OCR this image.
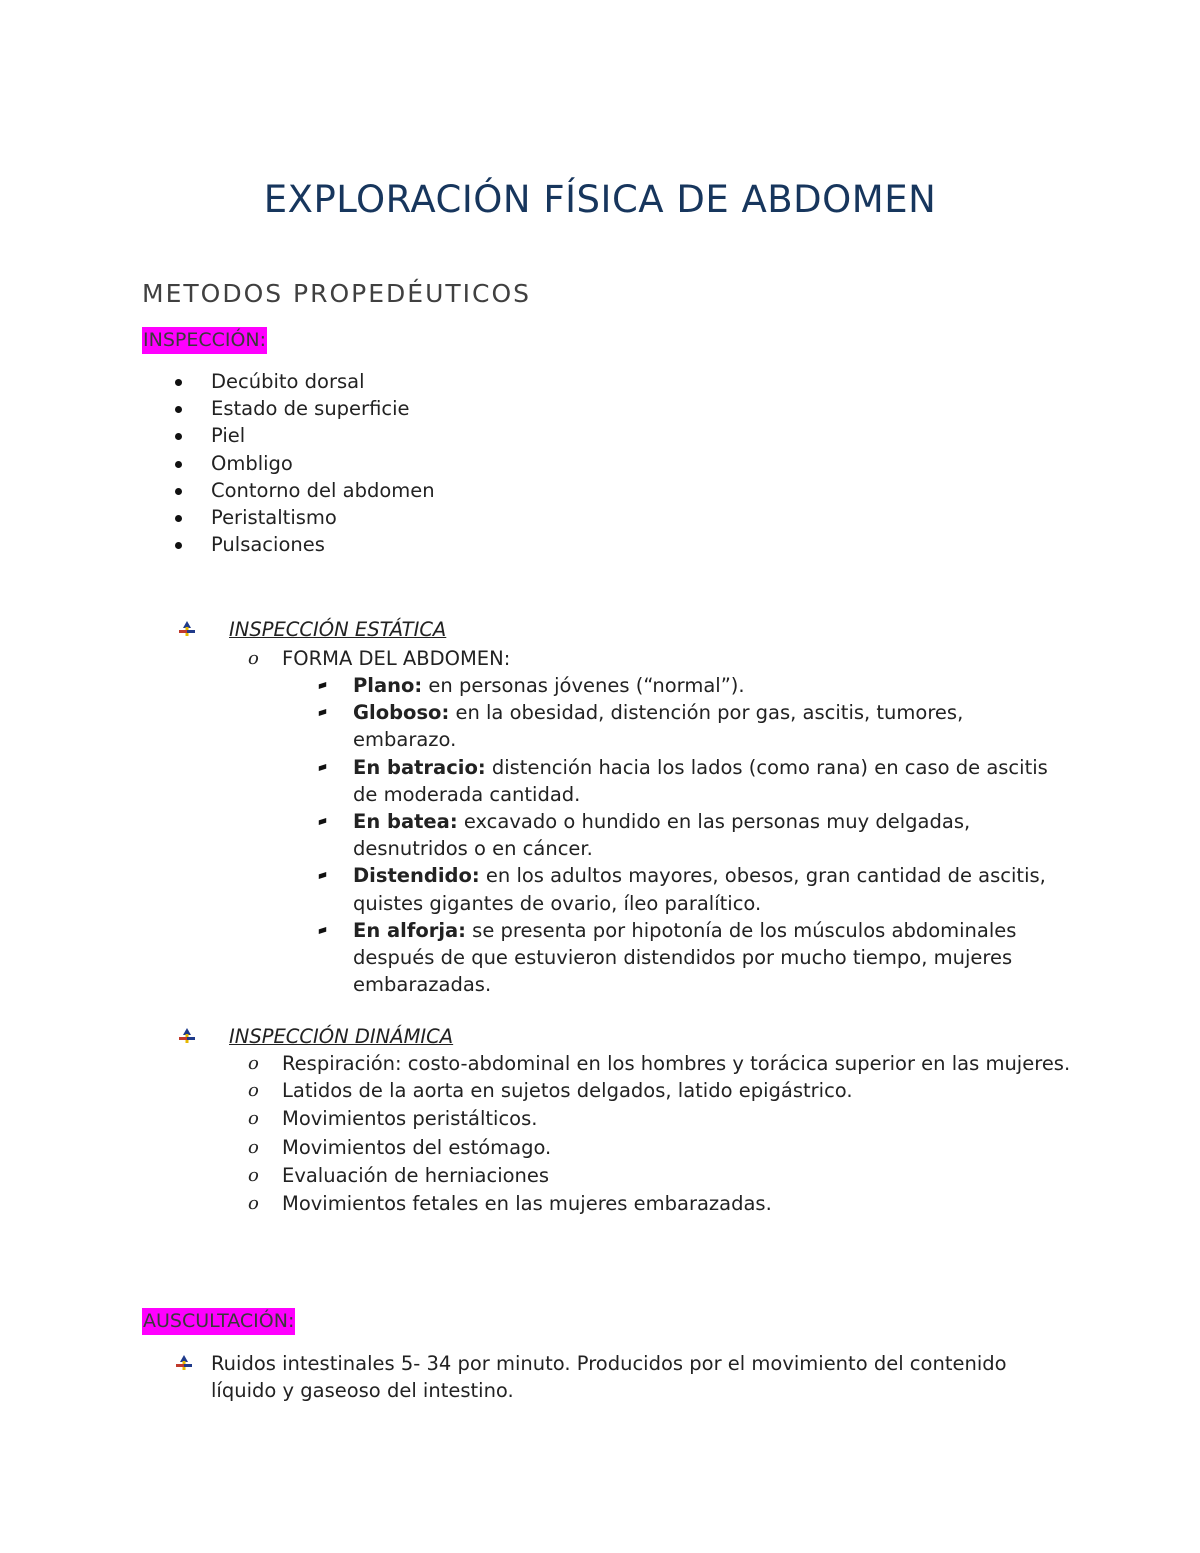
EXPLORACIÓN FÍSICA DE ABDOMEN
METODOS PROPEDÉUTICOS
INSPECCIÓN:
Decúbito dorsal
Estado de superficie
Piel
Ombligo
Contorno del abdomen
Peristaltismo
Pulsaciones
INSPECCIÓN ESTÁTICA
o FORMA DEL ABDOMEN:
Plano: en personas jóvenes (“normal”).
Globoso: en la obesidad, distención por gas, ascitis, tumores, embarazo.
En batracio: distención hacia los lados (como rana) en caso de ascitis de moderada cantidad.
En batea: excavado o hundido en las personas muy delgadas, desnutridos o en cáncer.
Distendido: en los adultos mayores, obesos, gran cantidad de ascitis, quistes gigantes de ovario, íleo paralítico.
En alforja: se presenta por hipotonía de los músculos abdominales después de que estuvieron distendidos por mucho tiempo, mujeres embarazadas.
INSPECCIÓN DINÁMICA
o Respiración: costo-abdominal en los hombres y torácica superior en las mujeres.
o Latidos de la aorta en sujetos delgados, latido epigástrico.
o Movimientos peristálticos.
o Movimientos del estómago.
o Evaluación de herniaciones
o Movimientos fetales en las mujeres embarazadas.
AUSCULTACIÓN:
Ruidos intestinales 5- 34 por minuto. Producidos por el movimiento del contenido líquido y gaseoso del intestino.
